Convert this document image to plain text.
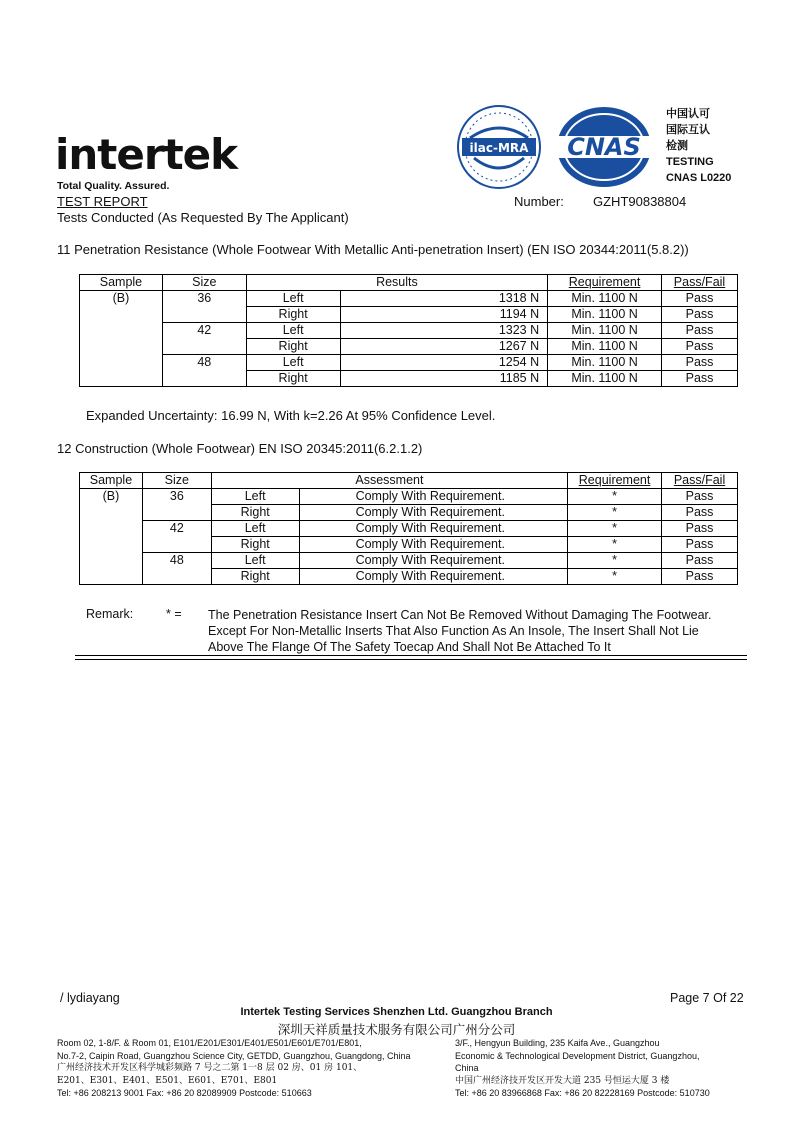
intertek
Total Quality. Assured.
TEST REPORT
Tests Conducted (As Requested By The Applicant)
Number: GZHT90838804
ilac-MRA CNAS
中国认可
国际互认
检测
TESTING
CNAS L0220
11 Penetration Resistance (Whole Footwear With Metallic Anti-penetration Insert) (EN ISO 20344:2011(5.8.2))
Sample	Size	Results		Requirement	Pass/Fail
(B)	36	Left	1318 N	Min. 1100 N	Pass
		Right	1194 N	Min. 1100 N	Pass
	42	Left	1323 N	Min. 1100 N	Pass
		Right	1267 N	Min. 1100 N	Pass
	48	Left	1254 N	Min. 1100 N	Pass
		Right	1185 N	Min. 1100 N	Pass
Expanded Uncertainty: 16.99 N, With k=2.26 At 95% Confidence Level.
12 Construction (Whole Footwear) EN ISO 20345:2011(6.2.1.2)
Sample	Size	Assessment		Requirement	Pass/Fail
(B)	36	Left	Comply With Requirement.	*	Pass
		Right	Comply With Requirement.	*	Pass
	42	Left	Comply With Requirement.	*	Pass
		Right	Comply With Requirement.	*	Pass
	48	Left	Comply With Requirement.	*	Pass
		Right	Comply With Requirement.	*	Pass
Remark:	* = The Penetration Resistance Insert Can Not Be Removed Without Damaging The Footwear. Except For Non-Metallic Inserts That Also Function As An Insole, The Insert Shall Not Lie Above The Flange Of The Safety Toecap And Shall Not Be Attached To It
/ lydiayang	Page 7 Of 22
Intertek Testing Services Shenzhen Ltd. Guangzhou Branch
深圳天祥质量技术服务有限公司广州分公司
Room 02, 1-8/F. & Room 01, E101/E201/E301/E401/E501/E601/E701/E801,
No.7-2, Caipin Road, Guangzhou Science City, GETDD, Guangzhou, Guangdong, China
广州经济技术开发区科学城彩频路 7 号之二第 1一8 层 02 房、01 房 101、
E201、E301、E401、E501、E601、E701、E801
Tel: +86 208213 9001 Fax: +86 20 82089909 Postcode: 510663
3/F., Hengyun Building, 235 Kaifa Ave., Guangzhou
Economic & Technological Development District, Guangzhou,
China
中国广州经济技开发区开发大道 235 号恒运大厦 3 楼
Tel: +86 20 83966868 Fax: +86 20 82228169 Postcode: 510730
